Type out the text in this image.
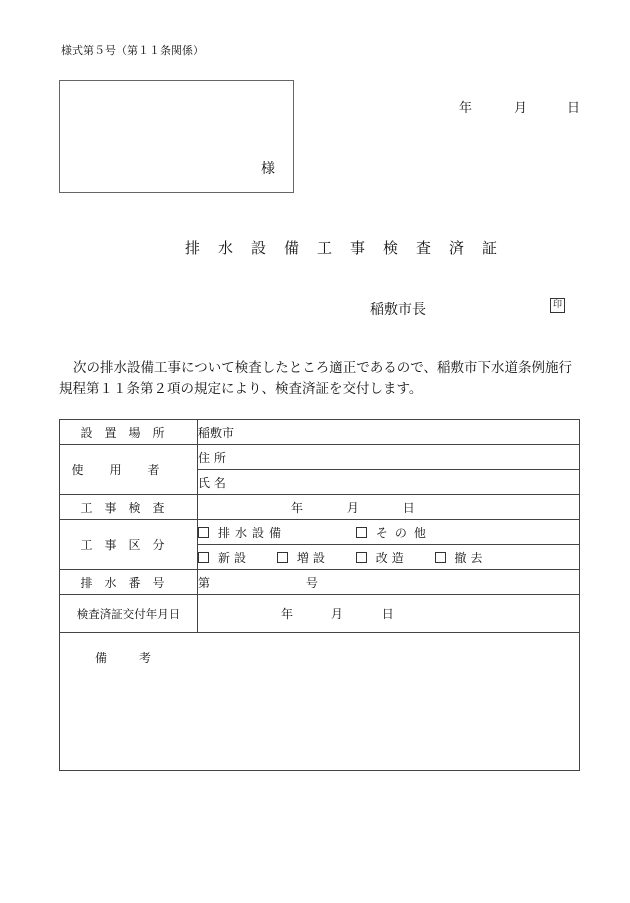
様式第５号（第１１条関係）
様
年	月	日
排水設備工事検査済証
稲敷市長	印
次の排水設備工事について検査したところ適正であるので、稲敷市下水道条例施行規程第１１条第２項の規定により、検査済証を交付します。
設置場所	稲敷市
使用者	住 所
	氏 名
工事検査	年 月 日
工事区分	排水設備 その他
	新設 増設 改造 撤去
排水番号	第 号
検査済証交付年月日	年 月 日

備考	
